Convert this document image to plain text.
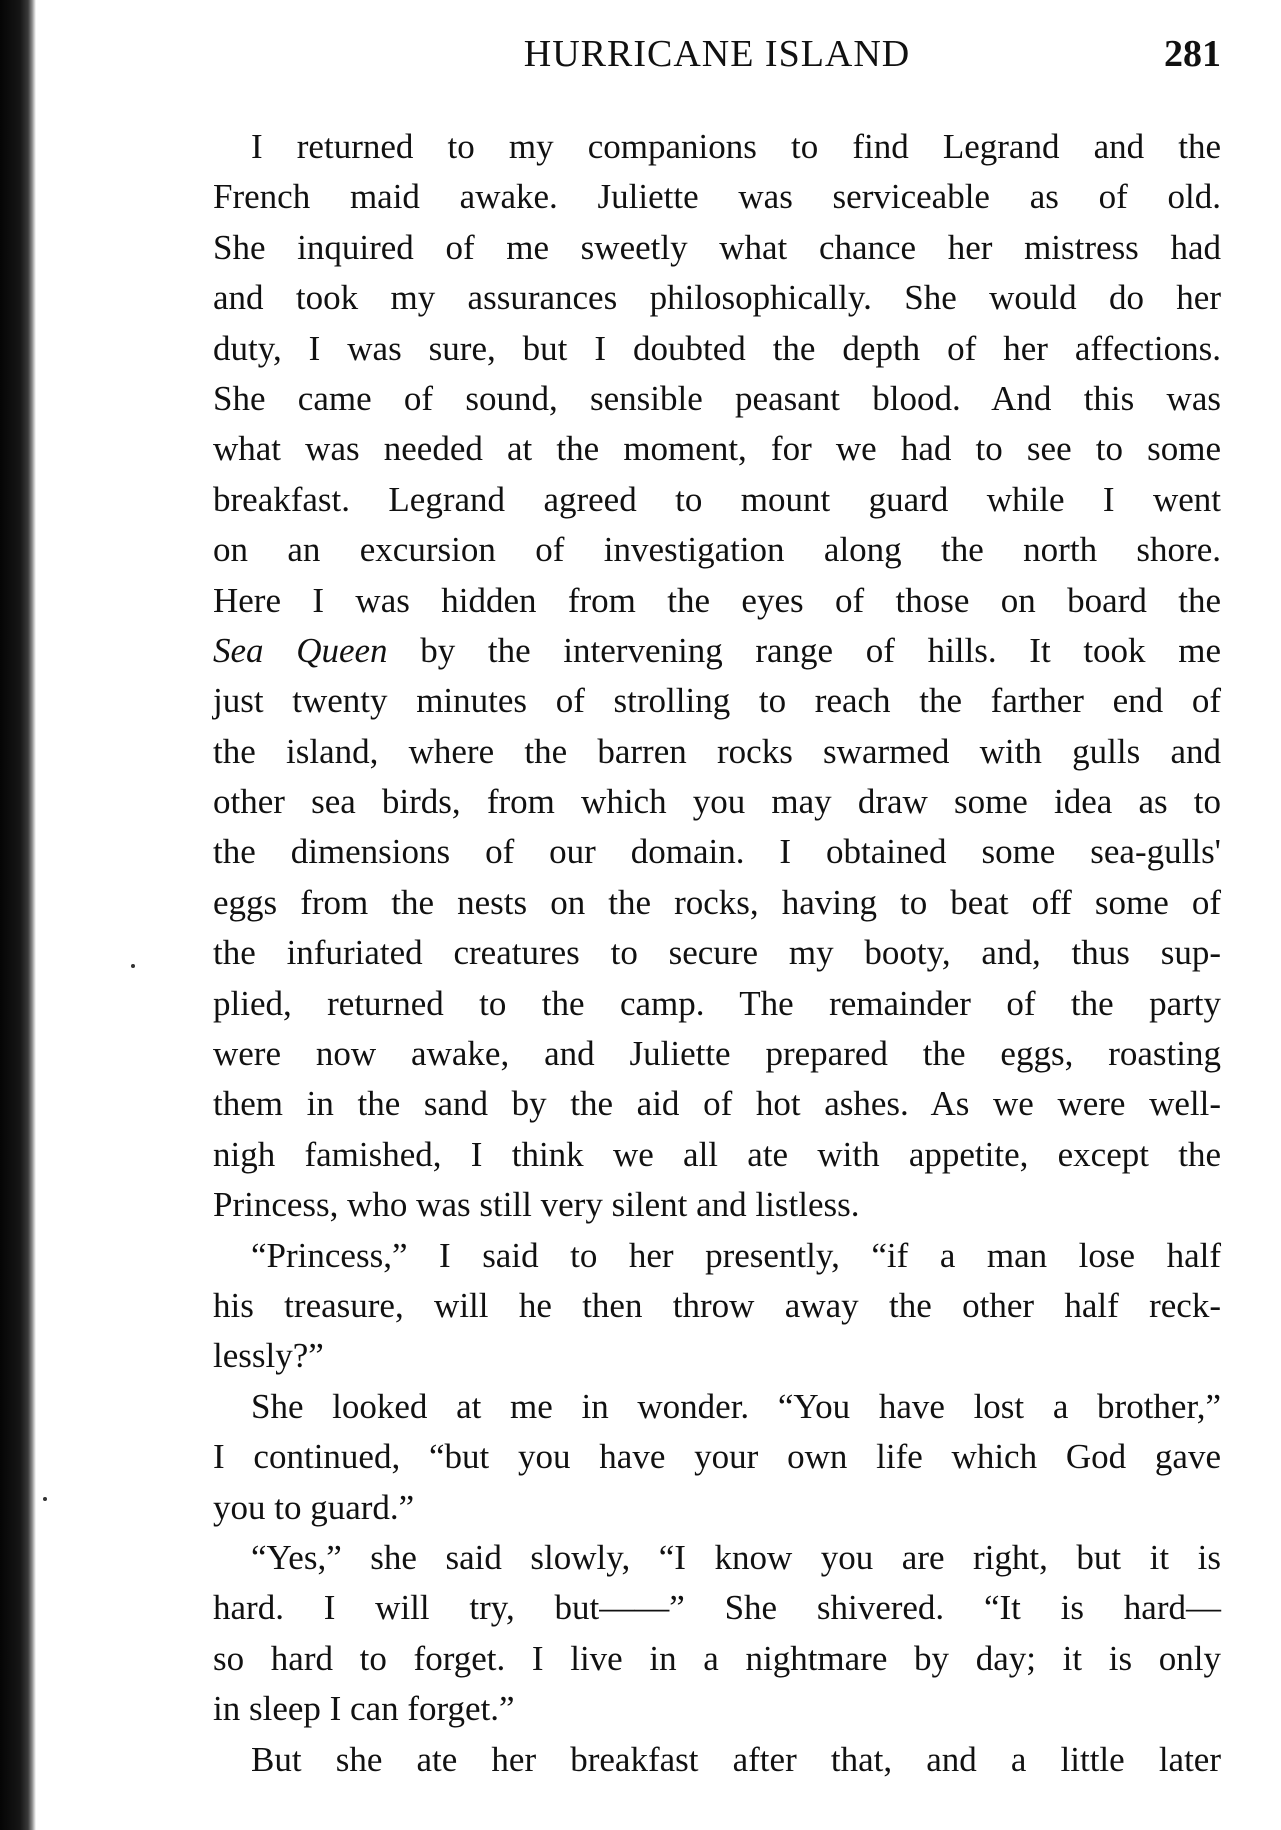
HURRICANE ISLAND	281
I returned to my companions to find Legrand and the
French maid awake. Juliette was serviceable as of old.
She inquired of me sweetly what chance her mistress had
and took my assurances philosophically. She would do her
duty, I was sure, but I doubted the depth of her affections.
She came of sound, sensible peasant blood. And this was
what was needed at the moment, for we had to see to some
breakfast. Legrand agreed to mount guard while I went
on an excursion of investigation along the north shore.
Here I was hidden from the eyes of those on board the
Sea Queen by the intervening range of hills. It took me
just twenty minutes of strolling to reach the farther end of
the island, where the barren rocks swarmed with gulls and
other sea birds, from which you may draw some idea as to
the dimensions of our domain. I obtained some sea-gulls'
eggs from the nests on the rocks, having to beat off some of
the infuriated creatures to secure my booty, and, thus sup-
plied, returned to the camp. The remainder of the party
were now awake, and Juliette prepared the eggs, roasting
them in the sand by the aid of hot ashes. As we were well-
nigh famished, I think we all ate with appetite, except the
Princess, who was still very silent and listless.
“Princess,” I said to her presently, “if a man lose half
his treasure, will he then throw away the other half reck-
lessly?”
She looked at me in wonder. “You have lost a brother,”
I continued, “but you have your own life which God gave
you to guard.”
“Yes,” she said slowly, “I know you are right, but it is
hard. I will try, but——” She shivered. “It is hard—
so hard to forget. I live in a nightmare by day; it is only
in sleep I can forget.”
But she ate her breakfast after that, and a little later
